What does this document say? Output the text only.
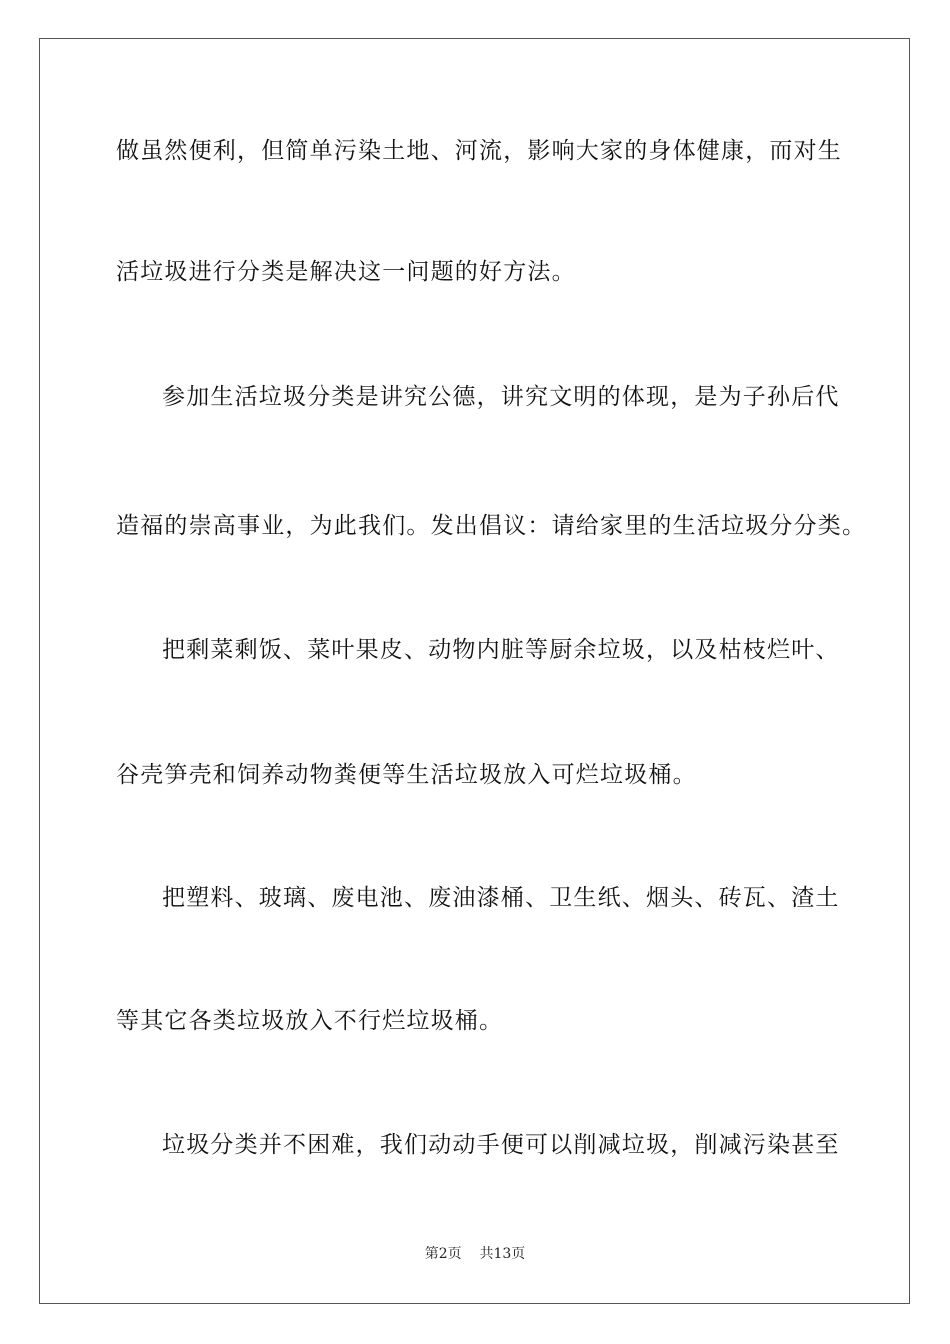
做虽然便利，但简单污染土地、河流，影响大家的身体健康，而对生
活垃圾进行分类是解决这一问题的好方法。
参加生活垃圾分类是讲究公德，讲究文明的体现，是为子孙后代
造福的崇高事业，为此我们。发出倡议：请给家里的生活垃圾分分类。
把剩菜剩饭、菜叶果皮、动物内脏等厨余垃圾，以及枯枝烂叶、
谷壳笋壳和饲养动物粪便等生活垃圾放入可烂垃圾桶。
把塑料、玻璃、废电池、废油漆桶、卫生纸、烟头、砖瓦、渣土
等其它各类垃圾放入不行烂垃圾桶。
垃圾分类并不困难，我们动动手便可以削减垃圾，削减污染甚至
第2页 共13页
